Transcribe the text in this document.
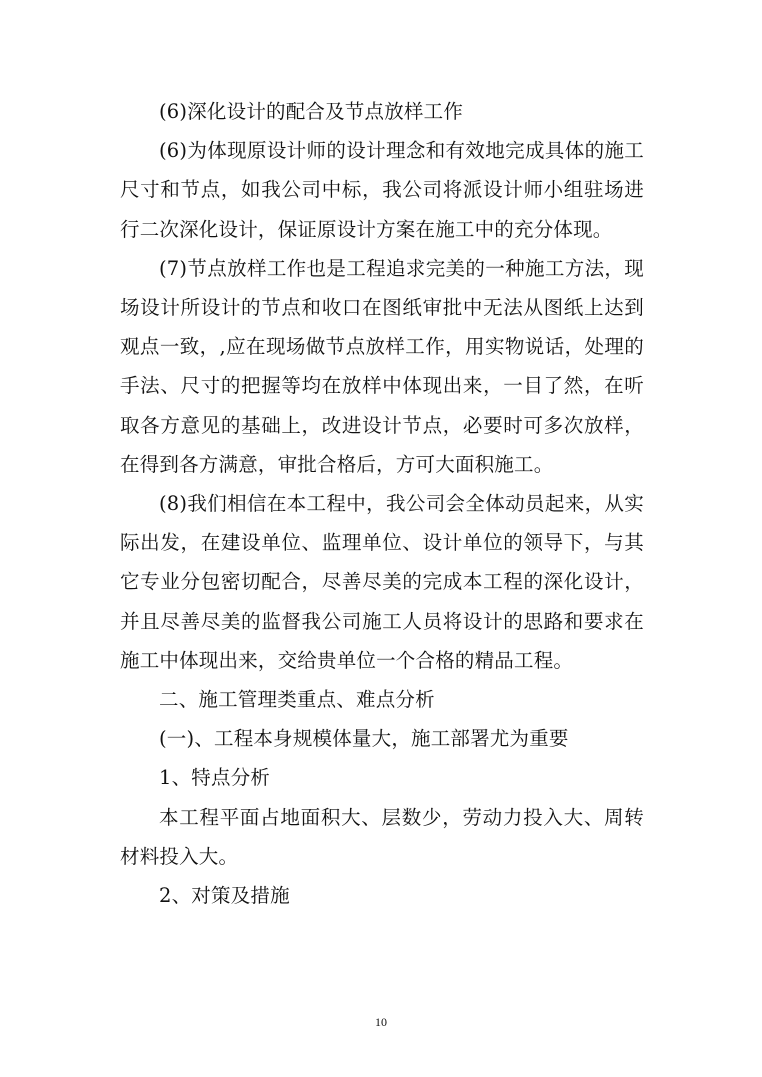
(6)深化设计的配合及节点放样工作

(6)为体现原设计师的设计理念和有效地完成具体的施工尺寸和节点，如我公司中标，我公司将派设计师小组驻场进行二次深化设计，保证原设计方案在施工中的充分体现。

(7)节点放样工作也是工程追求完美的一种施工方法，现场设计所设计的节点和收口在图纸审批中无法从图纸上达到观点一致，,应在现场做节点放样工作，用实物说话，处理的手法、尺寸的把握等均在放样中体现出来，一目了然，在听取各方意见的基础上，改进设计节点，必要时可多次放样，在得到各方满意，审批合格后，方可大面积施工。

(8)我们相信在本工程中，我公司会全体动员起来，从实际出发，在建设单位、监理单位、设计单位的领导下，与其它专业分包密切配合，尽善尽美的完成本工程的深化设计，并且尽善尽美的监督我公司施工人员将设计的思路和要求在施工中体现出来，交给贵单位一个合格的精品工程。

二、施工管理类重点、难点分析

(一)、工程本身规模体量大，施工部署尤为重要

1、特点分析

本工程平面占地面积大、层数少，劳动力投入大、周转材料投入大。

2、对策及措施

10
